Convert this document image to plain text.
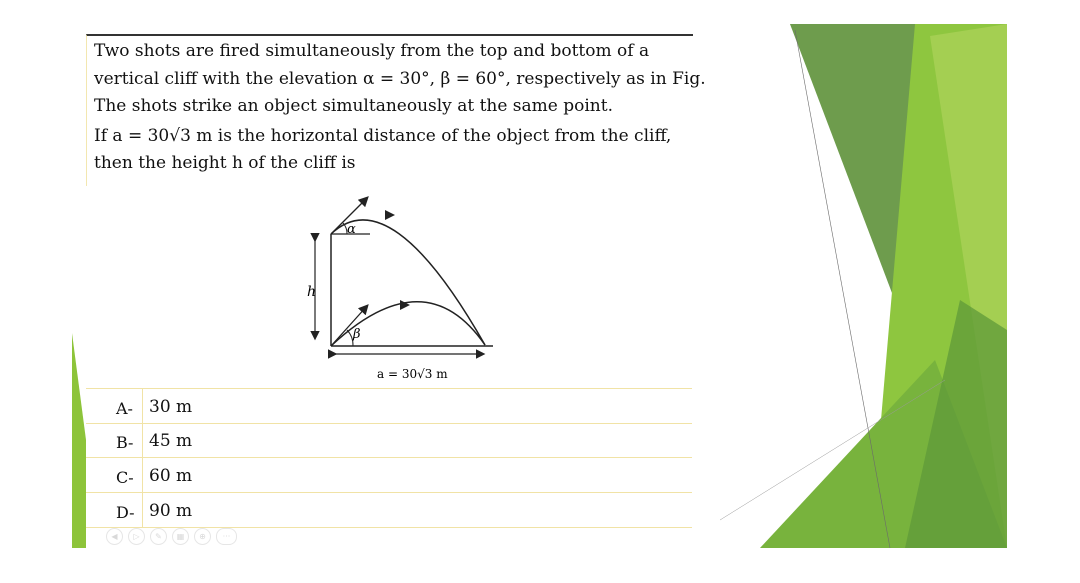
Two shots are fired simultaneously from the top and bottom of a
vertical cliff with the elevation α = 30°, β = 60°, respectively as in Fig.
The shots strike an object simultaneously at the same point.
If a = 30√3 m is the horizontal distance of the object from the cliff,
then the height h of the cliff is
h
α
β
a = 30√3 m
A- 30 m
B- 45 m
C- 60 m
D- 90 m
◀	▷	✎	▦	⊕	···
